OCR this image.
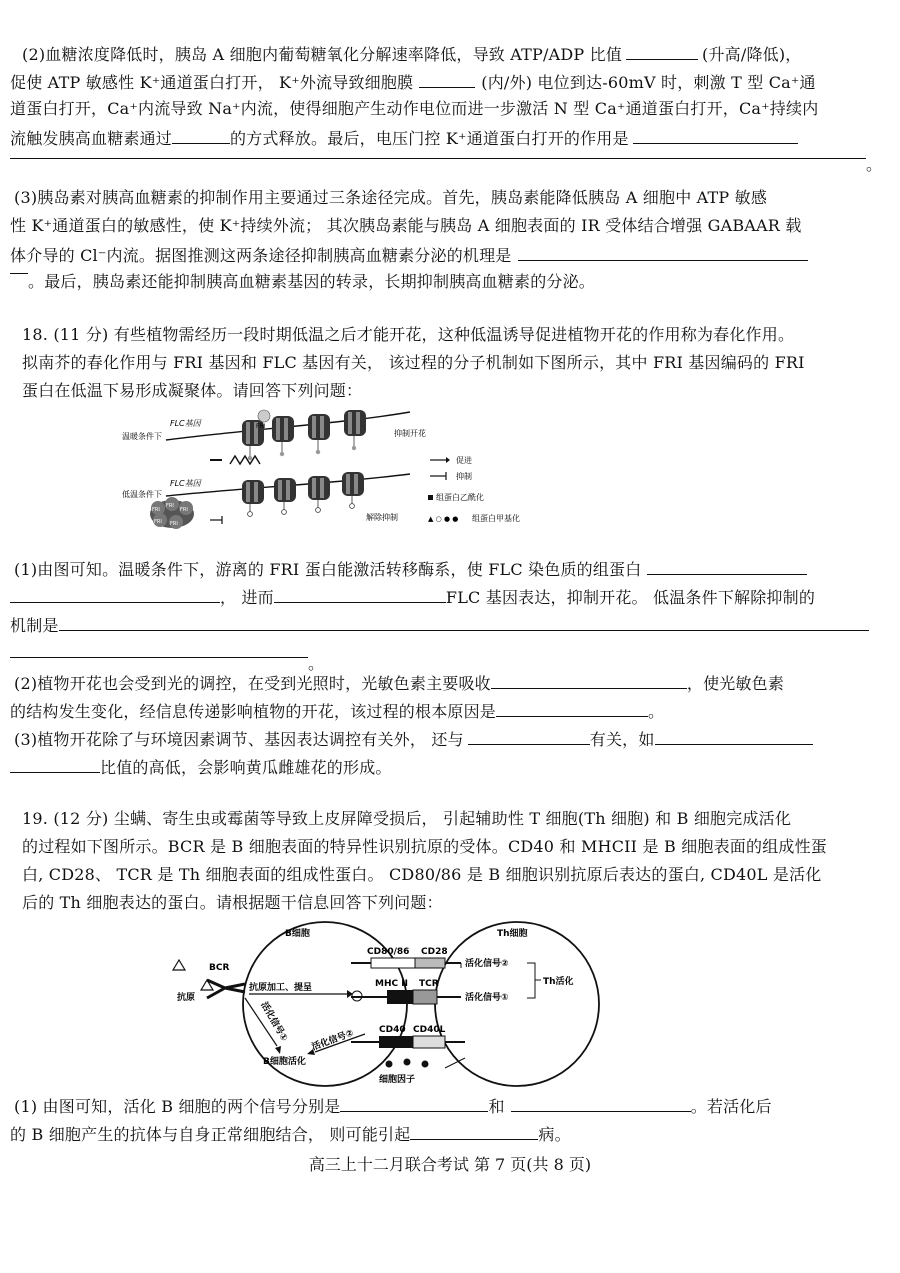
(2)血糖浓度降低时，胰岛 A 细胞内葡萄糖氧化分解速率降低，导致 ATP/ADP 比值	(升高/降低)，
促使 ATP 敏感性 K⁺通道蛋白打开， K⁺外流导致细胞膜	(内/外) 电位到达-60mV 时，刺激 T 型 Ca⁺通
道蛋白打开，Ca⁺内流导致 Na⁺内流，使得细胞产生动作电位而进一步激活 N 型 Ca⁺通道蛋白打开，Ca⁺持续内
流触发胰高血糖素通过	的方式释放。最后，电压门控 K⁺通道蛋白打开的作用是
。
(3)胰岛素对胰高血糖素的抑制作用主要通过三条途径完成。首先，胰岛素能降低胰岛 A 细胞中 ATP 敏感
性 K⁺通道蛋白的敏感性，使 K⁺持续外流； 其次胰岛素能与胰岛 A 细胞表面的 IR 受体结合增强 GABAAR 载
体介导的 Cl⁻内流。据图推测这两条途径抑制胰高血糖素分泌的机理是
。最后，胰岛素还能抑制胰高血糖素基因的转录，长期抑制胰高血糖素的分泌。
18. (11 分) 有些植物需经历一段时期低温之后才能开花，这种低温诱导促进植物开花的作用称为春化作用。
拟南芥的春化作用与 FRI 基因和 FLC 基因有关， 该过程的分子机制如下图所示，其中 FRI 基因编码的 FRI
蛋白在低温下易形成凝聚体。请回答下列问题：
温暖条件下
FLC基因	FRI
抑制开花
促进
抑制
组蛋白乙酰化
▲ ○ ● ● 组蛋白甲基化
低温条件下
FLC基因
FRI
FRI
FRI
FRI FRI
解除抑制
(1)由图可知。温暖条件下，游离的 FRI 蛋白能激活转移酶系，使 FLC 染色质的组蛋白
， 进而	FLC 基因表达，抑制开花。 低温条件下解除抑制的
机制是
。
(2)植物开花也会受到光的调控，在受到光照时，光敏色素主要吸收	，使光敏色素
的结构发生变化，经信息传递影响植物的开花，该过程的根本原因是	。
(3)植物开花除了与环境因素调节、基因表达调控有关外， 还与	有关，如
比值的高低，会影响黄瓜雌雄花的形成。
19. (12 分) 尘螨、寄生虫或霉菌等导致上皮屏障受损后， 引起辅助性 T 细胞(Th 细胞) 和 B 细胞完成活化
的过程如下图所示。BCR 是 B 细胞表面的特异性识别抗原的受体。CD40 和 MHCII 是 B 细胞表面的组成性蛋
白, CD28、 TCR 是 Th 细胞表面的组成性蛋白。 CD80/86 是 B 细胞识别抗原后表达的蛋白, CD40L 是活化
后的 Th 细胞表达的蛋白。请根据题干信息回答下列问题：
B细胞	Th细胞
抗原
BCR
抗原加工、提呈
活化信号①
B细胞活化
活化信号②
CD80/86 CD28
MHC II TCR
CD40 CD40L
活化信号②
活化信号①
Th活化
细胞因子
(1) 由图可知，活化 B 细胞的两个信号分别是	和	。若活化后
的 B 细胞产生的抗体与自身正常细胞结合， 则可能引起	病。
高三上十二月联合考试 第 7 页(共 8 页)
